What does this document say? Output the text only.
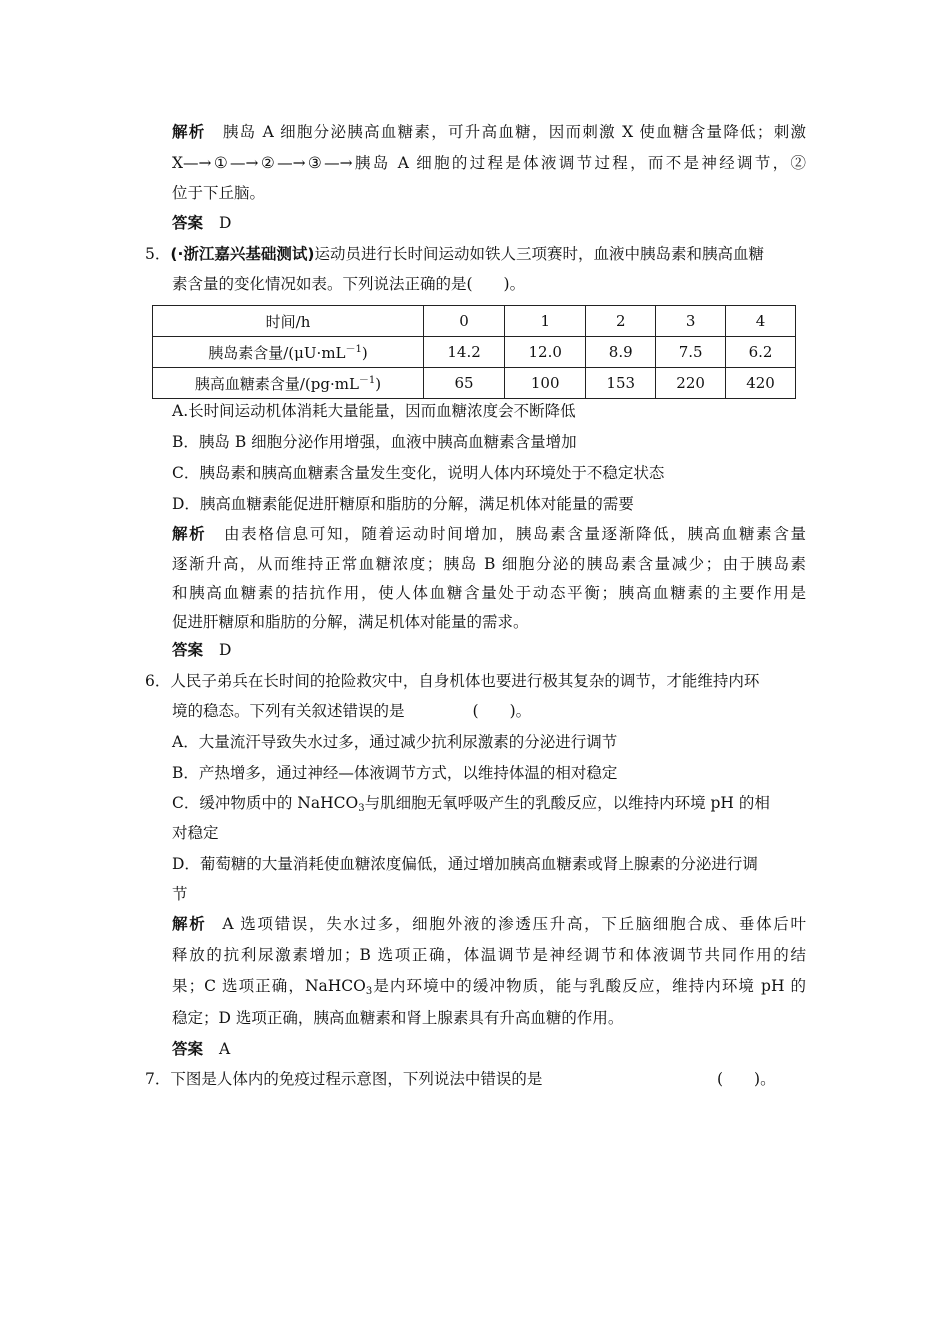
解析 胰岛 A 细胞分泌胰高血糖素，可升高血糖，因而刺激 X 使血糖含量降低；刺激
X—→①—→②—→③—→胰岛 A 细胞的过程是体液调节过程，而不是神经调节，②
位于下丘脑。
答案 D
5．(·浙江嘉兴基础测试)运动员进行长时间运动如铁人三项赛时，血液中胰岛素和胰高血糖
素含量的变化情况如表。下列说法正确的是(　　)。
时间/h	0	1	2	3	4
胰岛素含量$/(\mu U\cdot mL^{-1})$	14.2	12.0	8.9	7.5	6.2
胰高血糖素含量$/(pg\cdot mL^{-1})$	65	100	153	220	420
A.长时间运动机体消耗大量能量，因而血糖浓度会不断降低
B．胰岛 B 细胞分泌作用增强，血液中胰高血糖素含量增加
C．胰岛素和胰高血糖素含量发生变化，说明人体内环境处于不稳定状态
D．胰高血糖素能促进肝糖原和脂肪的分解，满足机体对能量的需要
解析 由表格信息可知，随着运动时间增加，胰岛素含量逐渐降低，胰高血糖素含量
逐渐升高，从而维持正常血糖浓度；胰岛 B 细胞分泌的胰岛素含量减少；由于胰岛素
和胰高血糖素的拮抗作用，使人体血糖含量处于动态平衡；胰高血糖素的主要作用是
促进肝糖原和脂肪的分解，满足机体对能量的需求。
答案 D
6．人民子弟兵在长时间的抢险救灾中，自身机体也要进行极其复杂的调节，才能维持内环
境的稳态。下列有关叙述错误的是	(　　)。
A．大量流汗导致失水过多，通过减少抗利尿激素的分泌进行调节
B．产热增多，通过神经—体液调节方式，以维持体温的相对稳定
C．缓冲物质中的 NaHCO$_3$与肌细胞无氧呼吸产生的乳酸反应，以维持内环境 pH 的相
对稳定
D．葡萄糖的大量消耗使血糖浓度偏低，通过增加胰高血糖素或肾上腺素的分泌进行调
节
解析 A 选项错误，失水过多，细胞外液的渗透压升高，下丘脑细胞合成、垂体后叶
释放的抗利尿激素增加；B 选项正确，体温调节是神经调节和体液调节共同作用的结
果；C 选项正确，NaHCO$_3$是内环境中的缓冲物质，能与乳酸反应，维持内环境 pH 的
稳定；D 选项正确，胰高血糖素和肾上腺素具有升高血糖的作用。
答案 A
7．下图是人体内的免疫过程示意图，下列说法中错误的是	(　　)。
